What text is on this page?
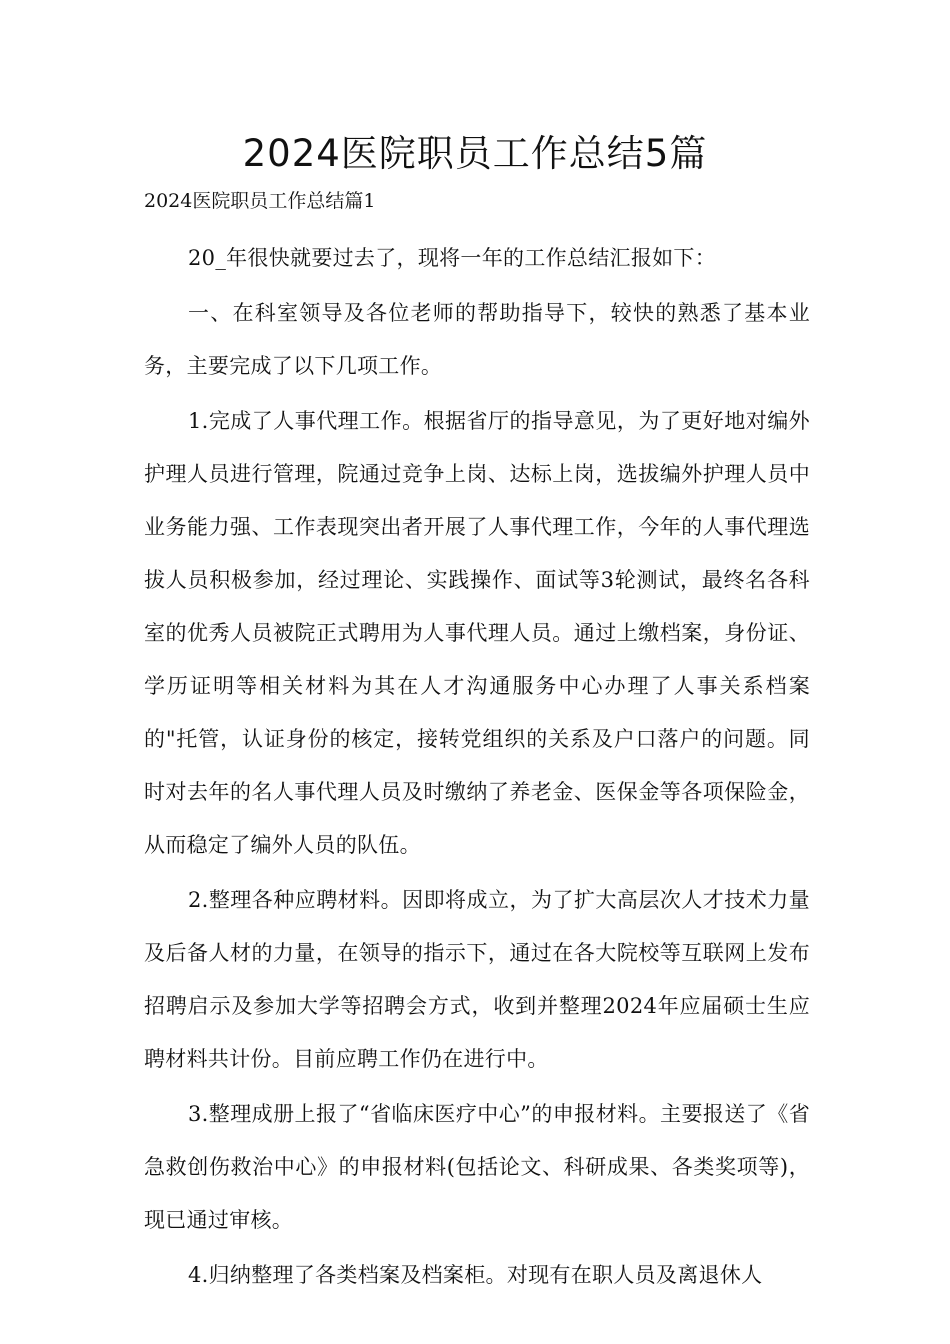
2024医院职员工作总结5篇

2024医院职员工作总结篇1

20_年很快就要过去了，现将一年的工作总结汇报如下：

一、在科室领导及各位老师的帮助指导下，较快的熟悉了基本业务，主要完成了以下几项工作。

1.完成了人事代理工作。根据省厅的指导意见，为了更好地对编外护理人员进行管理，院通过竞争上岗、达标上岗，选拔编外护理人员中业务能力强、工作表现突出者开展了人事代理工作，今年的人事代理选拔人员积极参加，经过理论、实践操作、面试等3轮测试，最终名各科室的优秀人员被院正式聘用为人事代理人员。通过上缴档案，身份证、学历证明等相关材料为其在人才沟通服务中心办理了人事关系档案的"托管，认证身份的核定，接转党组织的关系及户口落户的问题。同时对去年的名人事代理人员及时缴纳了养老金、医保金等各项保险金，从而稳定了编外人员的队伍。

2.整理各种应聘材料。因即将成立，为了扩大高层次人才技术力量及后备人材的力量，在领导的指示下，通过在各大院校等互联网上发布招聘启示及参加大学等招聘会方式，收到并整理2024年应届硕士生应聘材料共计份。目前应聘工作仍在进行中。

3.整理成册上报了“省临床医疗中心”的申报材料。主要报送了《省急救创伤救治中心》的申报材料(包括论文、科研成果、各类奖项等)，现已通过审核。

4.归纳整理了各类档案及档案柜。对现有在职人员及离退休人
